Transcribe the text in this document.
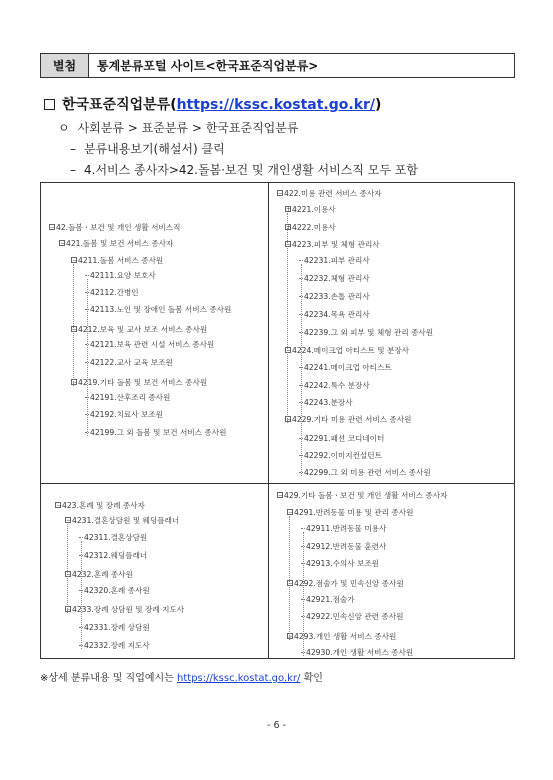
별첨	통계분류포털 사이트<한국표준직업분류>
한국표준직업분류(https://kssc.kostat.go.kr/)
ㅇ 사회분류 > 표준분류 > 한국표준직업분류
– 분류내용보기(해설서) 클릭
– 4.서비스 종사자>42.돌봄·보건 및 개인생활 서비스직 모두 포함
−42.돌봄ㆍ보건 및 개인 생활 서비스직
−421.돌봄 및 보건 서비스 종사자
−4211.돌봄 서비스 종사원
42111.요양 보호사
42112.간병인
42113.노인 및 장애인 돌봄 서비스 종사원
−4212.보육 및 교사 보조 서비스 종사원
42121.보육 관련 시설 서비스 종사원
42122.교사 교육 보조원
−4219.기타 돌봄 및 보건 서비스 종사원
42191.산후조리 종사원
42192.치료사 보조원
42199.그 외 돌봄 및 보건 서비스 종사원
−422.미용 관련 서비스 종사자
+4221.이용사
+4222.미용사
−4223.피부 및 체형 관리사
42231.피부 관리사
42232.체형 관리사
42233.손톱 관리사
42234.목욕 관리사
42239.그 외 피부 및 체형 관리 종사원
−4224.메이크업 아티스트 및 분장사
42241.메이크업 아티스트
42242.특수 분장사
42243.분장사
−4229.기타 미용 관련 서비스 종사원
42291.패션 코디네이터
42292.이미지컨설턴트
42299.그 외 미용 관련 서비스 종사원
−423.혼례 및 장례 종사자
−4231.결혼상담원 및 웨딩플래너
42311.결혼상담원
42312.웨딩플래너
−4232.혼례 종사원
42320.혼례 종사원
−4233.장례 상담원 및 장례 지도사
42331.장례 상담원
42332.장례 지도사
−429.기타 돌봄ㆍ보건 및 개인 생활 서비스 종사자
−4291.반려동물 미용 및 관리 종사원
42911.반려동물 미용사
42912.반려동물 훈련사
42913.수의사 보조원
−4292.점술가 및 민속신앙 종사원
42921.점술가
42922.민속신앙 관련 종사원
−4293.개인 생활 서비스 종사원
42930.개인 생활 서비스 종사원
※상세 분류내용 및 직업예시는 https://kssc.kostat.go.kr/ 확인
- 6 -
